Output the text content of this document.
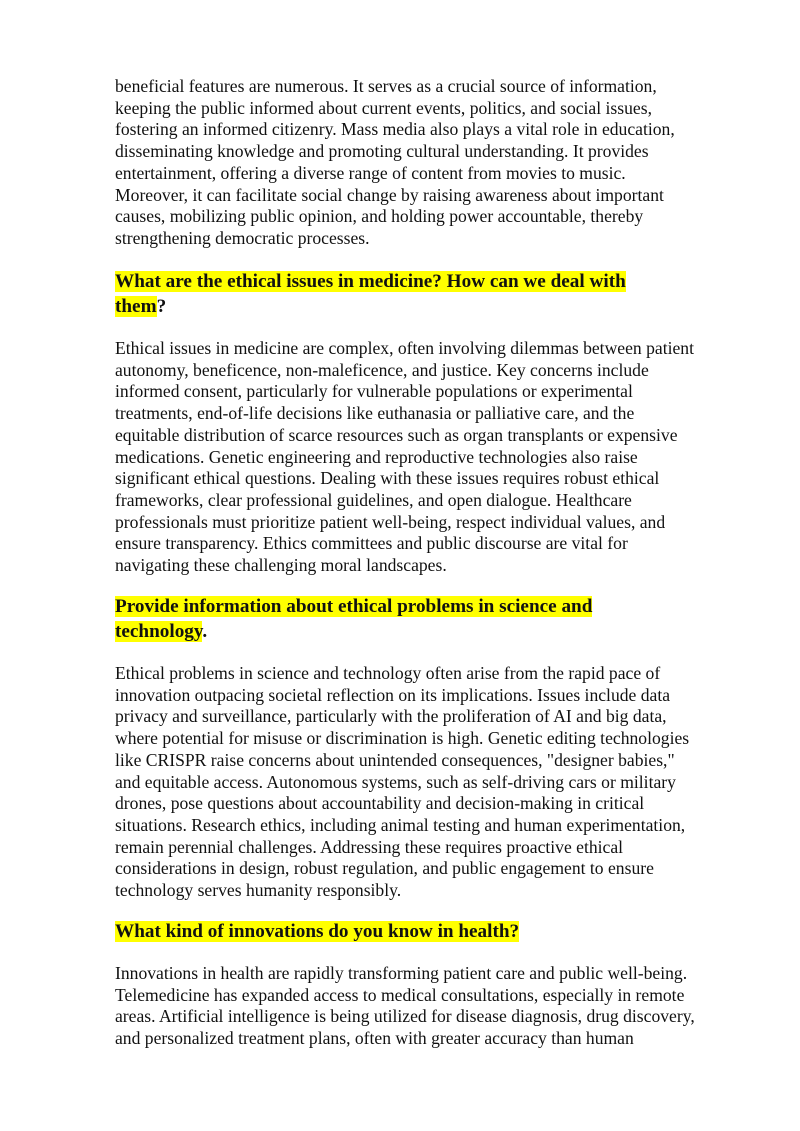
beneficial features are numerous. It serves as a crucial source of information,
keeping the public informed about current events, politics, and social issues,
fostering an informed citizenry. Mass media also plays a vital role in education,
disseminating knowledge and promoting cultural understanding. It provides
entertainment, offering a diverse range of content from movies to music.
Moreover, it can facilitate social change by raising awareness about important
causes, mobilizing public opinion, and holding power accountable, thereby
strengthening democratic processes.

What are the ethical issues in medicine? How can we deal with
them?

Ethical issues in medicine are complex, often involving dilemmas between patient
autonomy, beneficence, non-maleficence, and justice. Key concerns include
informed consent, particularly for vulnerable populations or experimental
treatments, end-of-life decisions like euthanasia or palliative care, and the
equitable distribution of scarce resources such as organ transplants or expensive
medications. Genetic engineering and reproductive technologies also raise
significant ethical questions. Dealing with these issues requires robust ethical
frameworks, clear professional guidelines, and open dialogue. Healthcare
professionals must prioritize patient well-being, respect individual values, and
ensure transparency. Ethics committees and public discourse are vital for
navigating these challenging moral landscapes.

Provide information about ethical problems in science and
technology.

Ethical problems in science and technology often arise from the rapid pace of
innovation outpacing societal reflection on its implications. Issues include data
privacy and surveillance, particularly with the proliferation of AI and big data,
where potential for misuse or discrimination is high. Genetic editing technologies
like CRISPR raise concerns about unintended consequences, "designer babies,"
and equitable access. Autonomous systems, such as self-driving cars or military
drones, pose questions about accountability and decision-making in critical
situations. Research ethics, including animal testing and human experimentation,
remain perennial challenges. Addressing these requires proactive ethical
considerations in design, robust regulation, and public engagement to ensure
technology serves humanity responsibly.

What kind of innovations do you know in health?

Innovations in health are rapidly transforming patient care and public well-being.
Telemedicine has expanded access to medical consultations, especially in remote
areas. Artificial intelligence is being utilized for disease diagnosis, drug discovery,
and personalized treatment plans, often with greater accuracy than human
